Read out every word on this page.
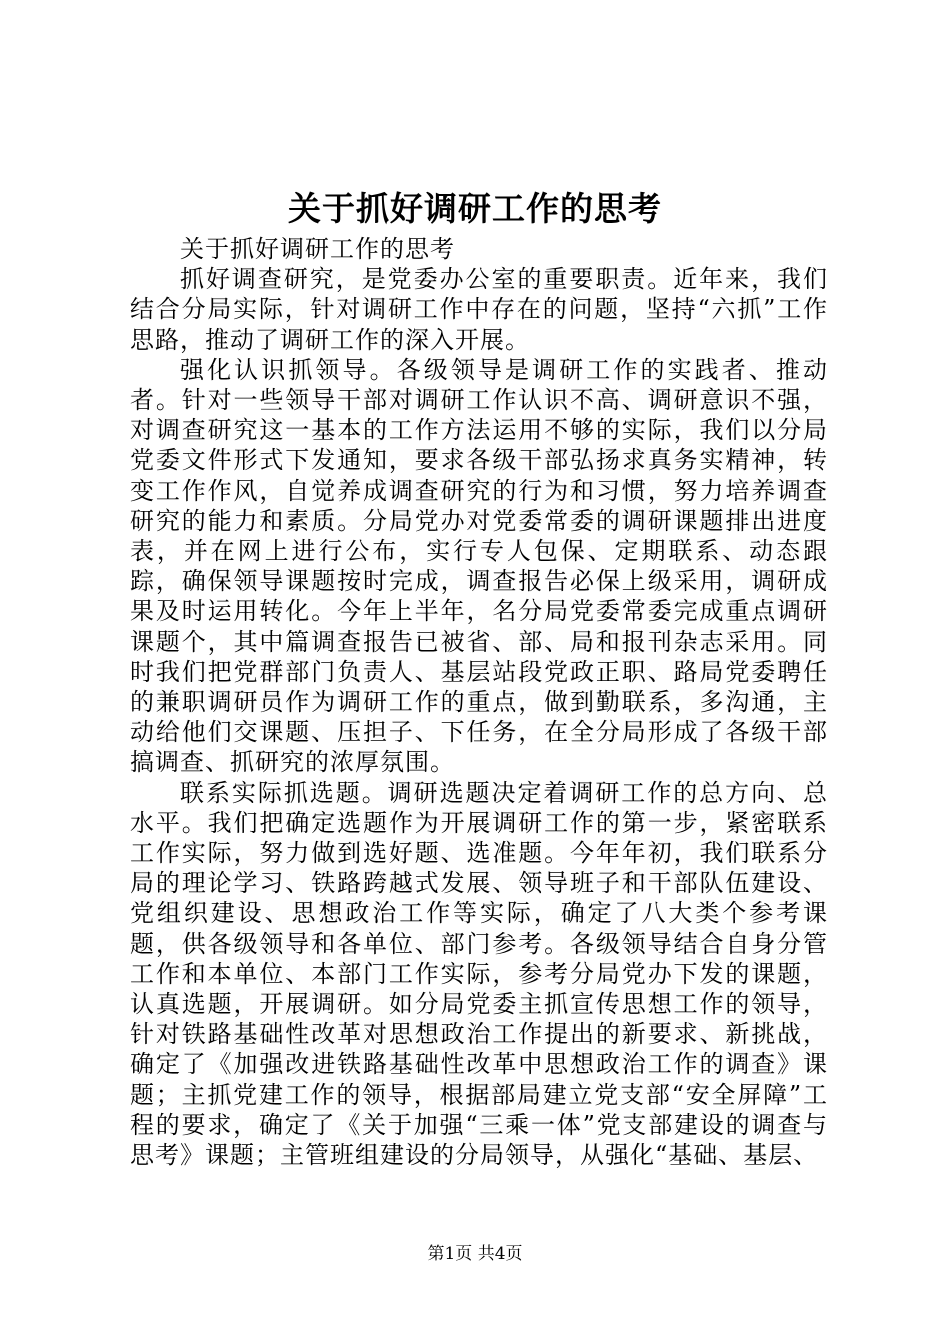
关于抓好调研工作的思考

关于抓好调研工作的思考

抓好调查研究，是党委办公室的重要职责。近年来，我们结合分局实际，针对调研工作中存在的问题，坚持“六抓”工作思路，推动了调研工作的深入开展。

强化认识抓领导。各级领导是调研工作的实践者、推动者。针对一些领导干部对调研工作认识不高、调研意识不强，对调查研究这一基本的工作方法运用不够的实际，我们以分局党委文件形式下发通知，要求各级干部弘扬求真务实精神，转变工作作风，自觉养成调查研究的行为和习惯，努力培养调查研究的能力和素质。分局党办对党委常委的调研课题排出进度表，并在网上进行公布，实行专人包保、定期联系、动态跟踪，确保领导课题按时完成，调查报告必保上级采用，调研成果及时运用转化。今年上半年，名分局党委常委完成重点调研课题个，其中篇调查报告已被省、部、局和报刊杂志采用。同时我们把党群部门负责人、基层站段党政正职、路局党委聘任的兼职调研员作为调研工作的重点，做到勤联系，多沟通，主动给他们交课题、压担子、下任务，在全分局形成了各级干部搞调查、抓研究的浓厚氛围。

联系实际抓选题。调研选题决定着调研工作的总方向、总水平。我们把确定选题作为开展调研工作的第一步，紧密联系工作实际，努力做到选好题、选准题。今年年初，我们联系分局的理论学习、铁路跨越式发展、领导班子和干部队伍建设、党组织建设、思想政治工作等实际，确定了八大类个参考课题，供各级领导和各单位、部门参考。各级领导结合自身分管工作和本单位、本部门工作实际，参考分局党办下发的课题，认真选题，开展调研。如分局党委主抓宣传思想工作的领导，针对铁路基础性改革对思想政治工作提出的新要求、新挑战，确定了《加强改进铁路基础性改革中思想政治工作的调查》课题；主抓党建工作的领导，根据部局建立党支部“安全屏障”工程的要求，确定了《关于加强“三乘一体”党支部建设的调查与思考》课题；主管班组建设的分局领导，从强化“基础、基层、

第1页 共4页
